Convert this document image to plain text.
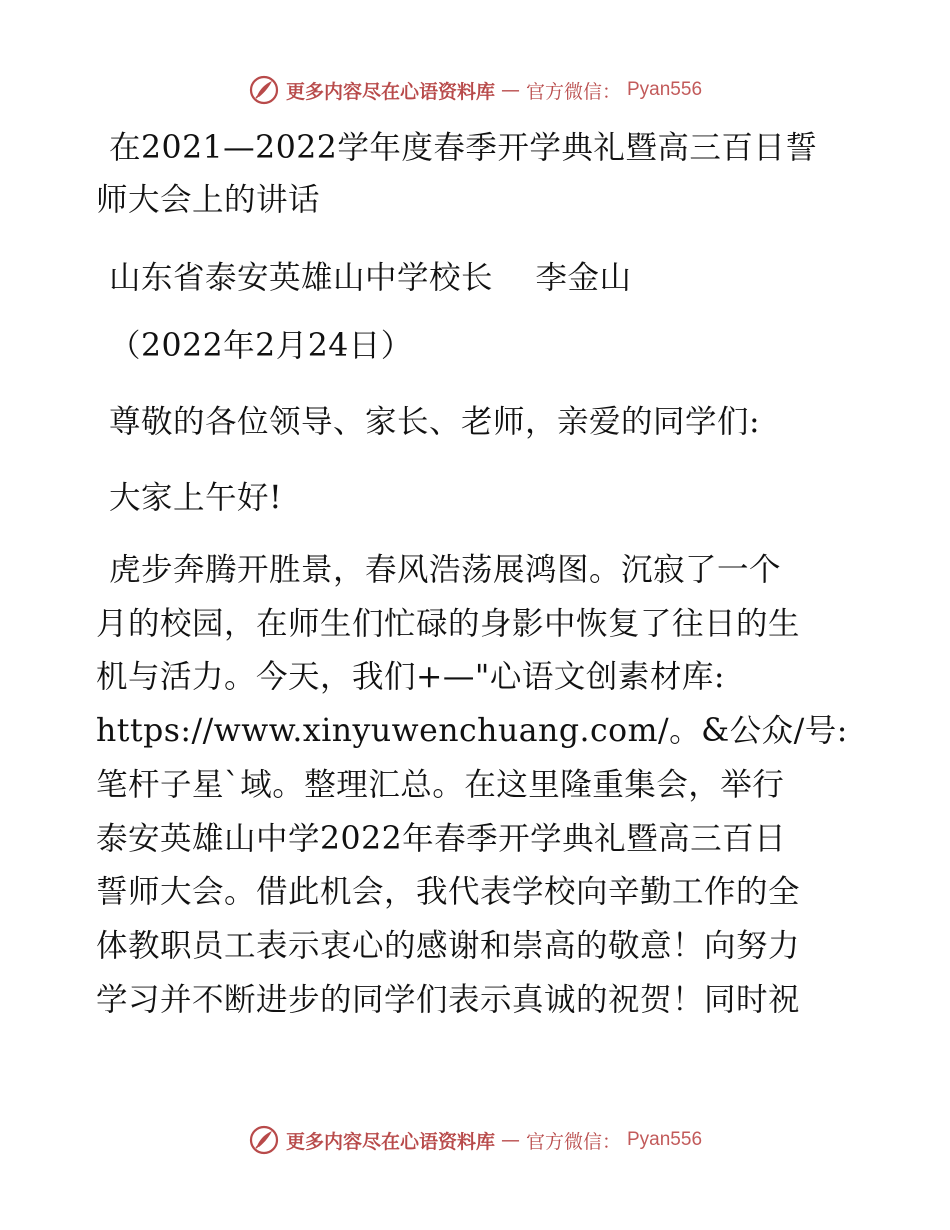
更多内容尽在心语资料库 — 官方微信： Pyan556
在2021—2022学年度春季开学典礼暨高三百日誓
师大会上的讲话
山东省泰安英雄山中学校长　 李金山
（2022年2月24日）
尊敬的各位领导、家长、老师，亲爱的同学们:
大家上午好!
虎步奔腾开胜景，春风浩荡展鸿图。沉寂了一个
月的校园，在师生们忙碌的身影中恢复了往日的生
机与活力。今天，我们+—"心语文创素材库:
https://www.xinyuwenchuang.com/。&公众/号:
笔杆子星`域。整理汇总。在这里隆重集会，举行
泰安英雄山中学2022年春季开学典礼暨高三百日
誓师大会。借此机会，我代表学校向辛勤工作的全
体教职员工表示衷心的感谢和崇高的敬意！向努力
学习并不断进步的同学们表示真诚的祝贺！同时祝
更多内容尽在心语资料库 — 官方微信： Pyan556
